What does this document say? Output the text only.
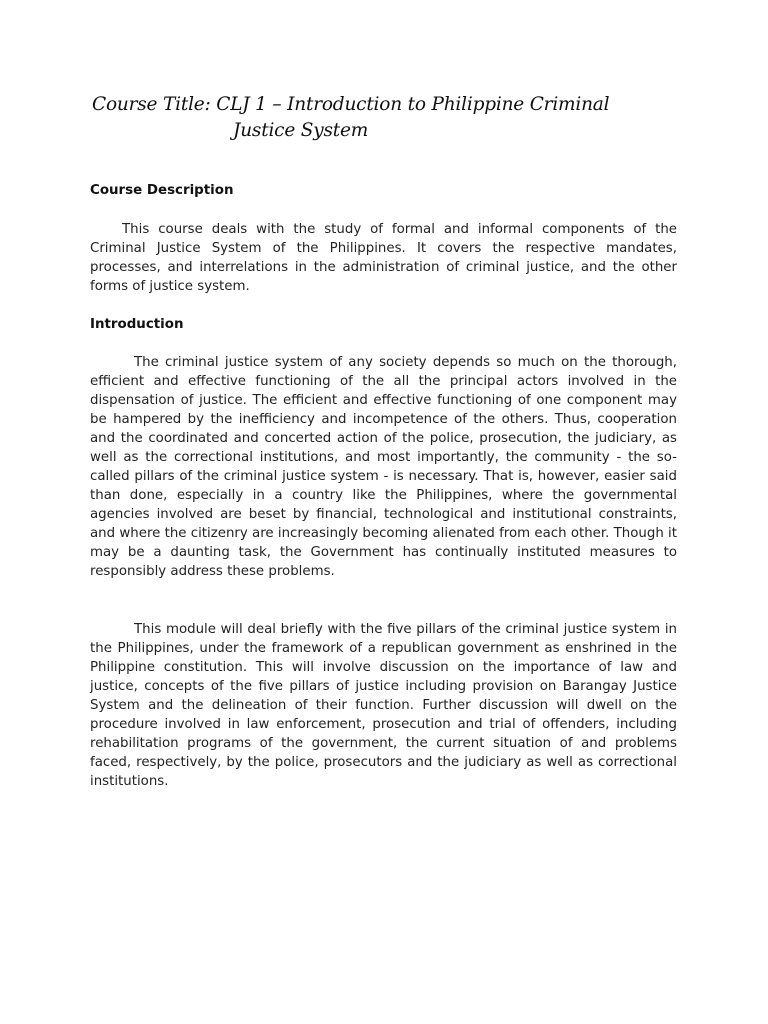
Course Title: CLJ 1 – Introduction to Philippine Criminal
Justice System
Course Description

This course deals with the study of formal and informal components of the Criminal Justice System of the Philippines. It covers the respective mandates, processes, and interrelations in the administration of criminal justice, and the other forms of justice system.

Introduction

The criminal justice system of any society depends so much on the thorough, efficient and effective functioning of the all the principal actors involved in the dispensation of justice. The efficient and effective functioning of one component may be hampered by the inefficiency and incompetence of the others. Thus, cooperation and the coordinated and concerted action of the police, prosecution, the judiciary, as well as the correctional institutions, and most importantly, the community - the so-called pillars of the criminal justice system - is necessary. That is, however, easier said than done, especially in a country like the Philippines, where the governmental agencies involved are beset by financial, technological and institutional constraints, and where the citizenry are increasingly becoming alienated from each other. Though it may be a daunting task, the Government has continually instituted measures to responsibly address these problems.

This module will deal briefly with the five pillars of the criminal justice system in the Philippines, under the framework of a republican government as enshrined in the Philippine constitution. This will involve discussion on the importance of law and justice, concepts of the five pillars of justice including provision on Barangay Justice System and the delineation of their function. Further discussion will dwell on the procedure involved in law enforcement, prosecution and trial of offenders, including rehabilitation programs of the government, the current situation of and problems faced, respectively, by the police, prosecutors and the judiciary as well as correctional institutions.
